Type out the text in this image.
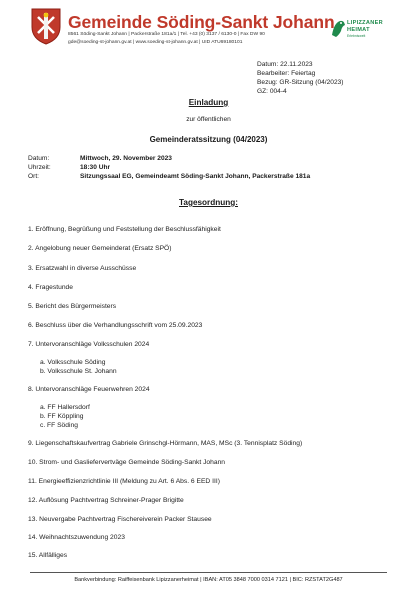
Gemeinde Söding-Sankt Johann
8561 Söding-Sankt Johann | Packerstraße 181a/1 | Tel. +43 (0) 3137 / 6130-0 | Fax DW 90
gde@soeding-st-johann.gv.at | www.soeding-st-johann.gv.at | UID ATU69180101
LIPIZZANER
HEIMAT
Erlebniswelt
Datum: 22.11.2023
Bearbeiter: Feiertag
Bezug: GR-Sitzung (04/2023)
GZ: 004-4
Einladung
zur öffentlichen
Gemeinderatssitzung (04/2023)
Datum:	Mittwoch, 29. November 2023
Uhrzeit:	18:30 Uhr
Ort:	Sitzungssaal EG, Gemeindeamt Söding-Sankt Johann, Packerstraße 181a
Tagesordnung:
1. Eröffnung, Begrüßung und Feststellung der Beschlussfähigkeit
2. Angelobung neuer Gemeinderat (Ersatz SPÖ)
3. Ersatzwahl in diverse Ausschüsse
4. Fragestunde
5. Bericht des Bürgermeisters
6. Beschluss über die Verhandlungsschrift vom 25.09.2023
7. Untervoranschläge Volksschulen 2024
a. Volksschule Söding
b. Volksschule St. Johann
8. Untervoranschläge Feuerwehren 2024
a. FF Hallersdorf
b. FF Köppling
c. FF Söding
9. Liegenschaftskaufvertrag Gabriele Grinschgl-Hörmann, MAS, MSc (3. Tennisplatz Söding)
10. Strom- und Gasliefervertväge Gemeinde Söding-Sankt Johann
11. Energieeffizienzrichtlinie III (Meldung zu Art. 6 Abs. 6 EED III)
12. Auflösung Pachtvertrag Schreiner-Prager Brigitte
13. Neuvergabe Pachtvertrag Fischereiverein Packer Stausee
14. Weihnachtszuwendung 2023
15. Allfälliges
Bankverbindung: Raiffeisenbank Lipizzanerheimat | IBAN: AT05 3848 7000 0314 7121 | BIC: RZSTAT2G487
